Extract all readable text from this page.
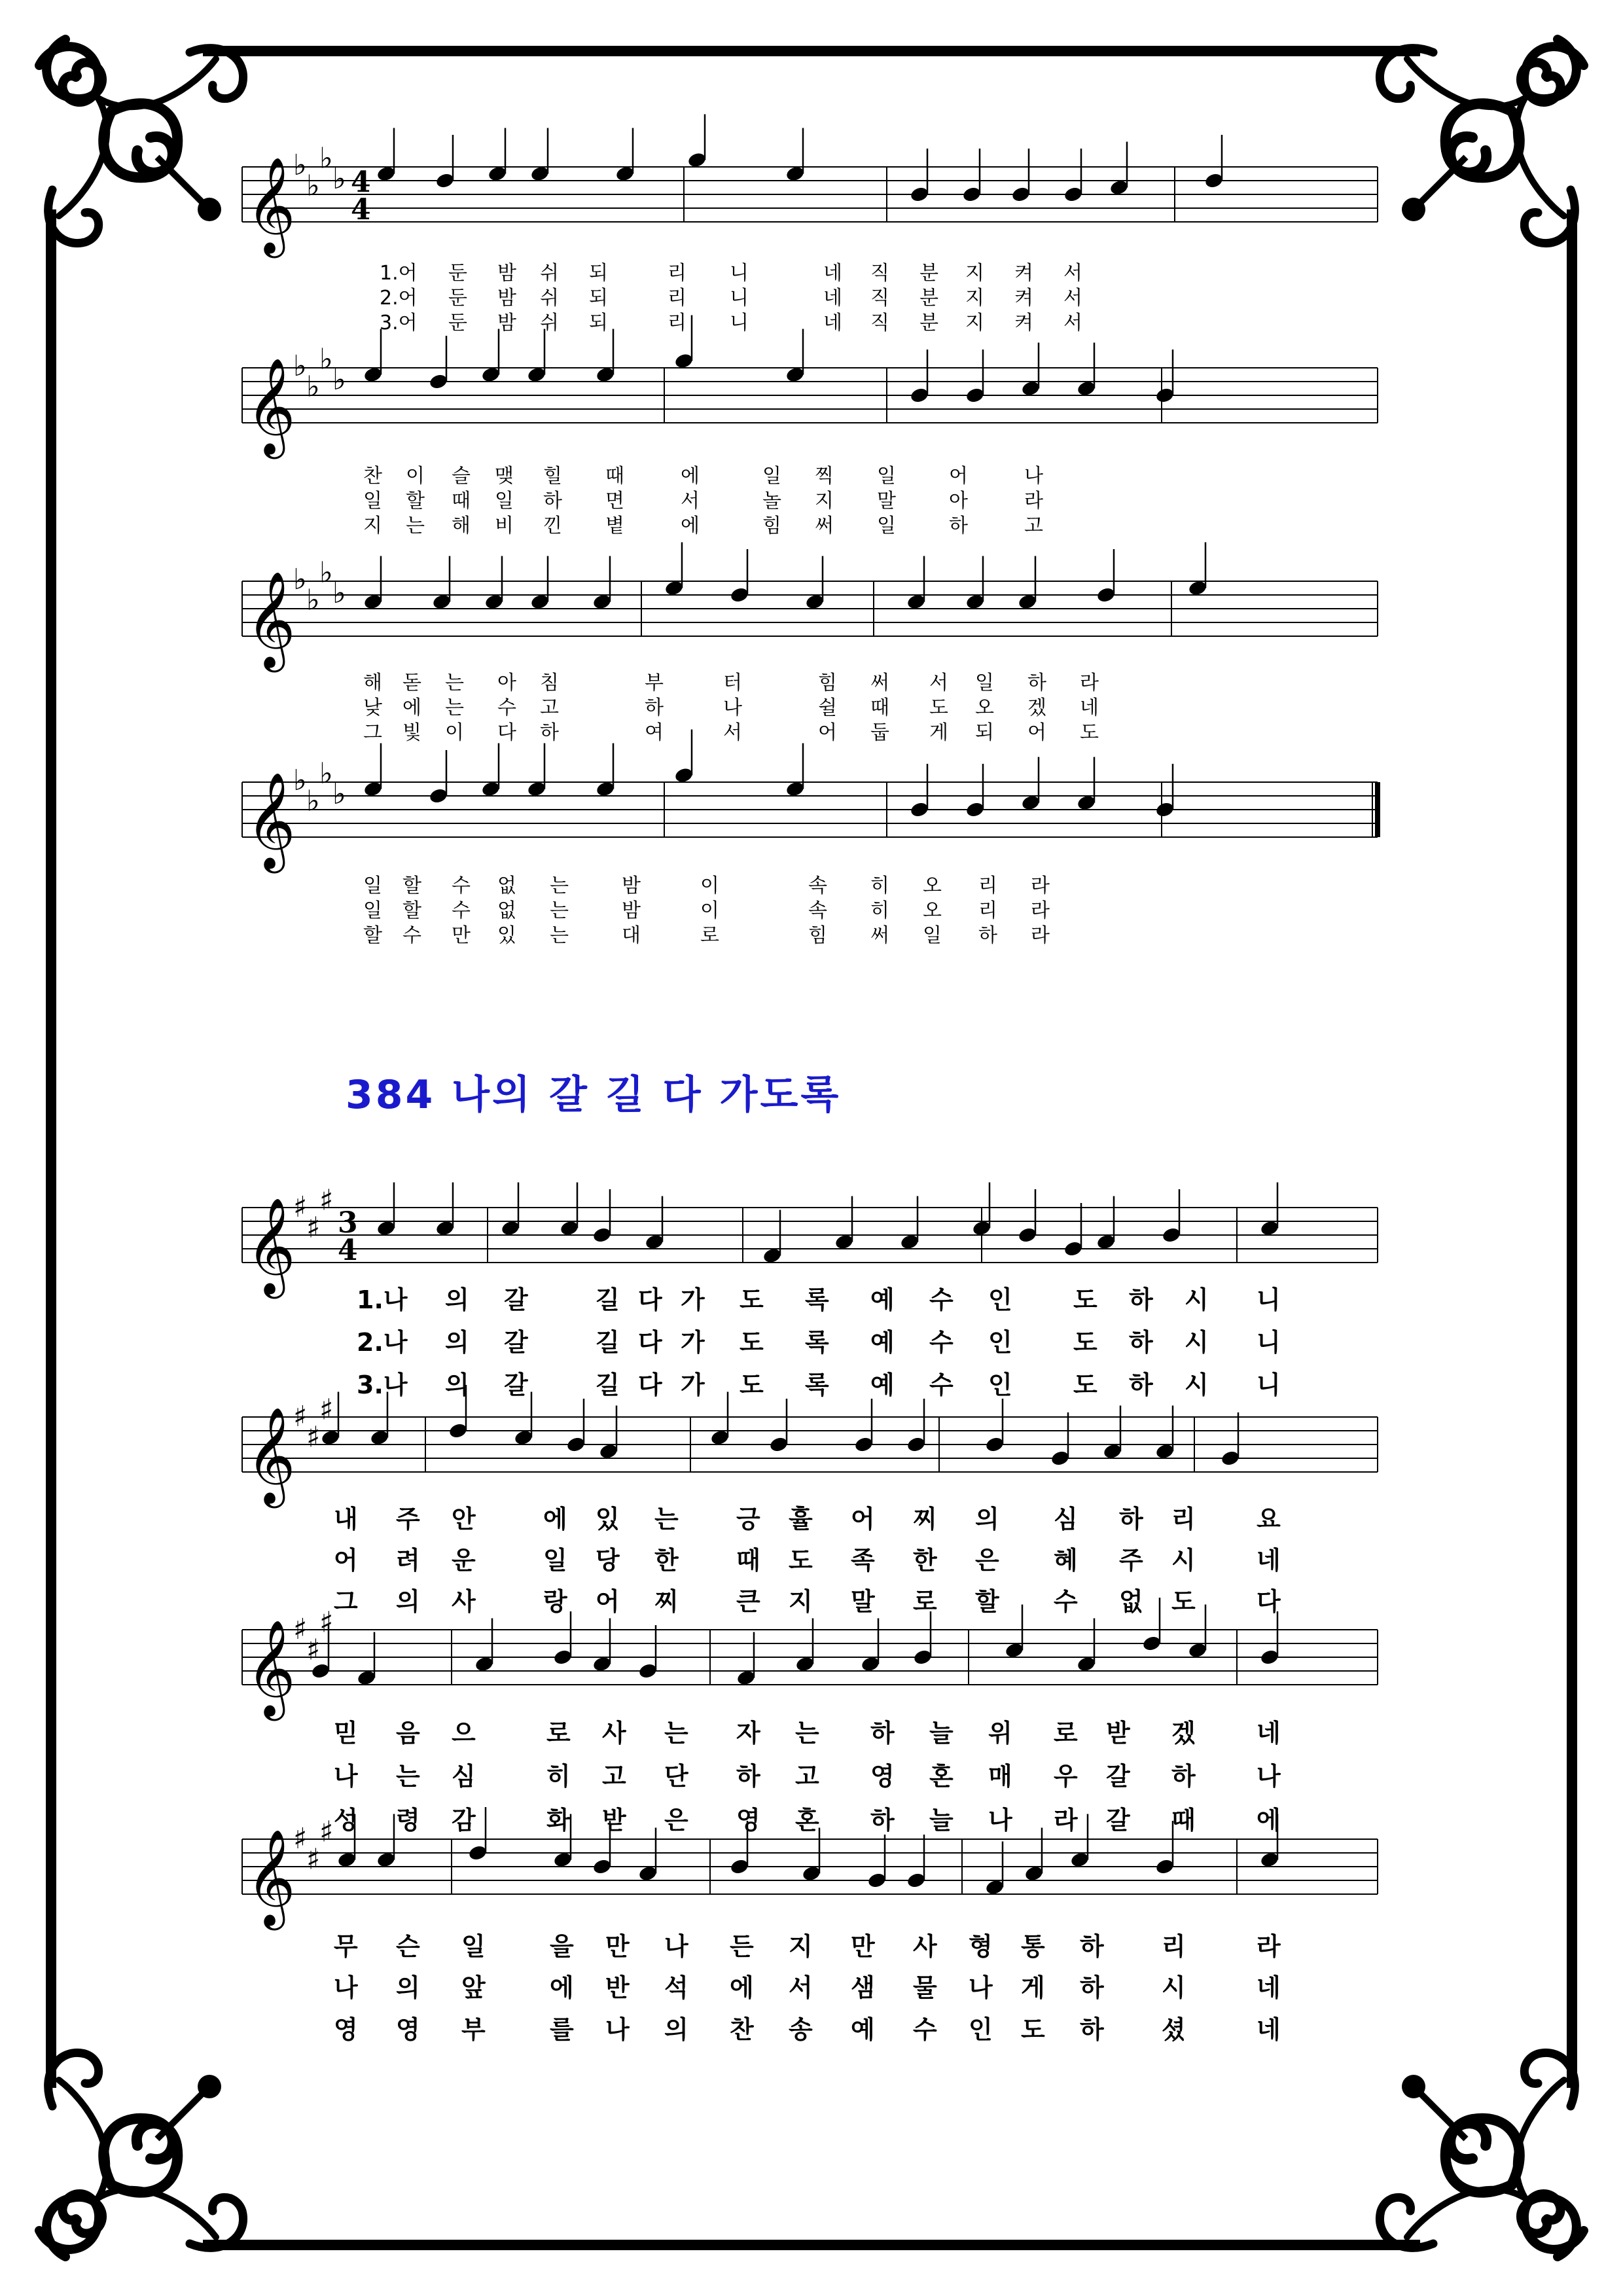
384 나의 갈 길 다 가도록
𝄞
♭
♭
♭
♭ 4
4
𝄞
♭
♭
♭
♭
𝄞
♭
♭
♭
♭
𝄞
♭
♭
♭
♭
𝄞
♯
♯
♯
3
4
𝄞
♯
♯
♯
𝄞
♯
♯
♯
𝄞
♯
♯
♯
1.어 둔 밤 쉬 되	리 니	네 직 분 지 켜 서
2.어 둔 밤 쉬 되	리 니	네 직 분 지 켜 서
3.어 둔 밤 쉬 되	리 니	네 직 분 지 켜 서
찬 이 슬 맺 힐 때	에	일 찍 일	어	나
일 할 때 일 하 면	서	놀 지 말	아	라
지 는 해 비 낀 볕	에	힘 써 일	하	고
해 돋 는 아 침	부	터	힘 써 서 일 하 라
낮 에 는 수 고	하	나	쉴 때 도 오 겠 네
그 빛 이 다 하	여	서	어 둡 게 되 어 도
일 할 수 없 는	밤	이	속 히 오 리 라
일 할 수 없 는	밤	이	속 히 오 리 라
할 수 만 있 는	대	로	힘 써 일 하 라
1.나 의 갈	길 다 가 도 록 예 수 인 도 하 시 니
2.나 의 갈	길 다 가 도 록 예 수 인 도 하 시 니
3.나 의 갈	길 다 가 도 록 예 수 인 도 하 시 니
내 주 안	에 있 는 긍 휼 어 찌 의 심 하 리 요
어 려 운	일 당 한 때 도 족 한 은 혜 주 시 네
그 의 사	랑 어 찌 큰 지 말 로 할 수 없 도 다
믿 음 으	로 사 는 자 는 하 늘 위 로 받 겠 네
나 는 심	히 고 단 하 고 영 혼 매 우 갈 하 나
성 령 감	화 받 은 영 혼 하 늘 나 라 갈 때 에
무 슨 일	을 만 나 든 지 만 사 형 통 하 리	라
나 의 앞	에 반 석 에 서 샘 물 나 게 하 시	네
영 영 부	를 나 의 찬 송 예 수 인 도 하 셨	네
